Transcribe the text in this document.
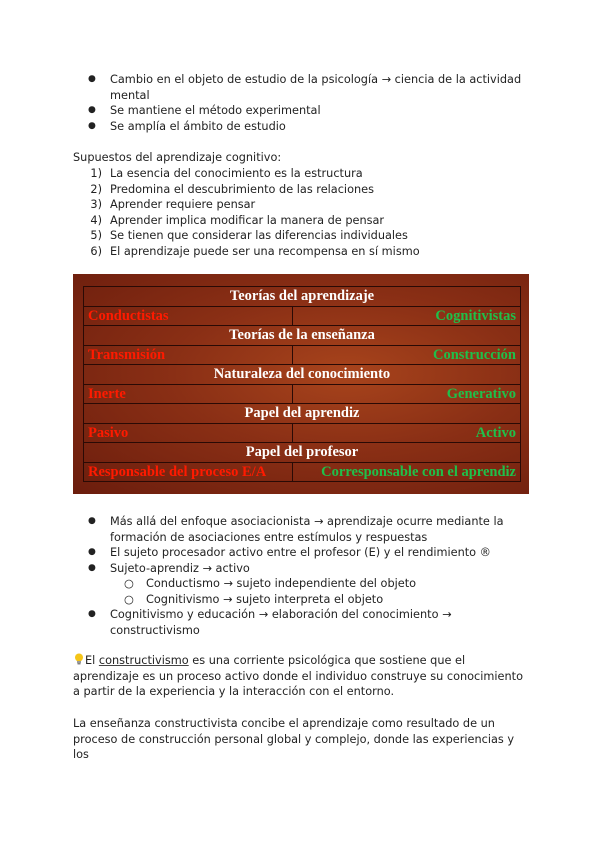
● Cambio en el objeto de estudio de la psicología → ciencia de la actividad mental
● Se mantiene el método experimental
● Se amplía el ámbito de estudio
Supuestos del aprendizaje cognitivo:
1) La esencia del conocimiento es la estructura
2) Predomina el descubrimiento de las relaciones
3) Aprender requiere pensar
4) Aprender implica modificar la manera de pensar
5) Se tienen que considerar las diferencias individuales
6) El aprendizaje puede ser una recompensa en sí mismo
Teorías del aprendizaje	
Conductistas	Cognitivistas
Teorías de la enseñanza	
Transmisión	Construcción
Naturaleza del conocimiento	
Inerte	Generativo
Papel del aprendiz	
Pasivo	Activo
Papel del profesor	
Responsable del proceso E/A	Corresponsable con el aprendiz
● Más allá del enfoque asociacionista → aprendizaje ocurre mediante la formación de asociaciones entre estímulos y respuestas
● El sujeto procesador activo entre el profesor (E) y el rendimiento ®
● Sujeto-aprendiz → activo
○ Conductismo → sujeto independiente del objeto
○ Cognitivismo → sujeto interpreta el objeto
● Cognitivismo y educación → elaboración del conocimiento → constructivismo
El constructivismo es una corriente psicológica que sostiene que el aprendizaje es un proceso activo donde el individuo construye su conocimiento a partir de la experiencia y la interacción con el entorno.
La enseñanza constructivista concibe el aprendizaje como resultado de un proceso de construcción personal global y complejo, donde las experiencias y los
